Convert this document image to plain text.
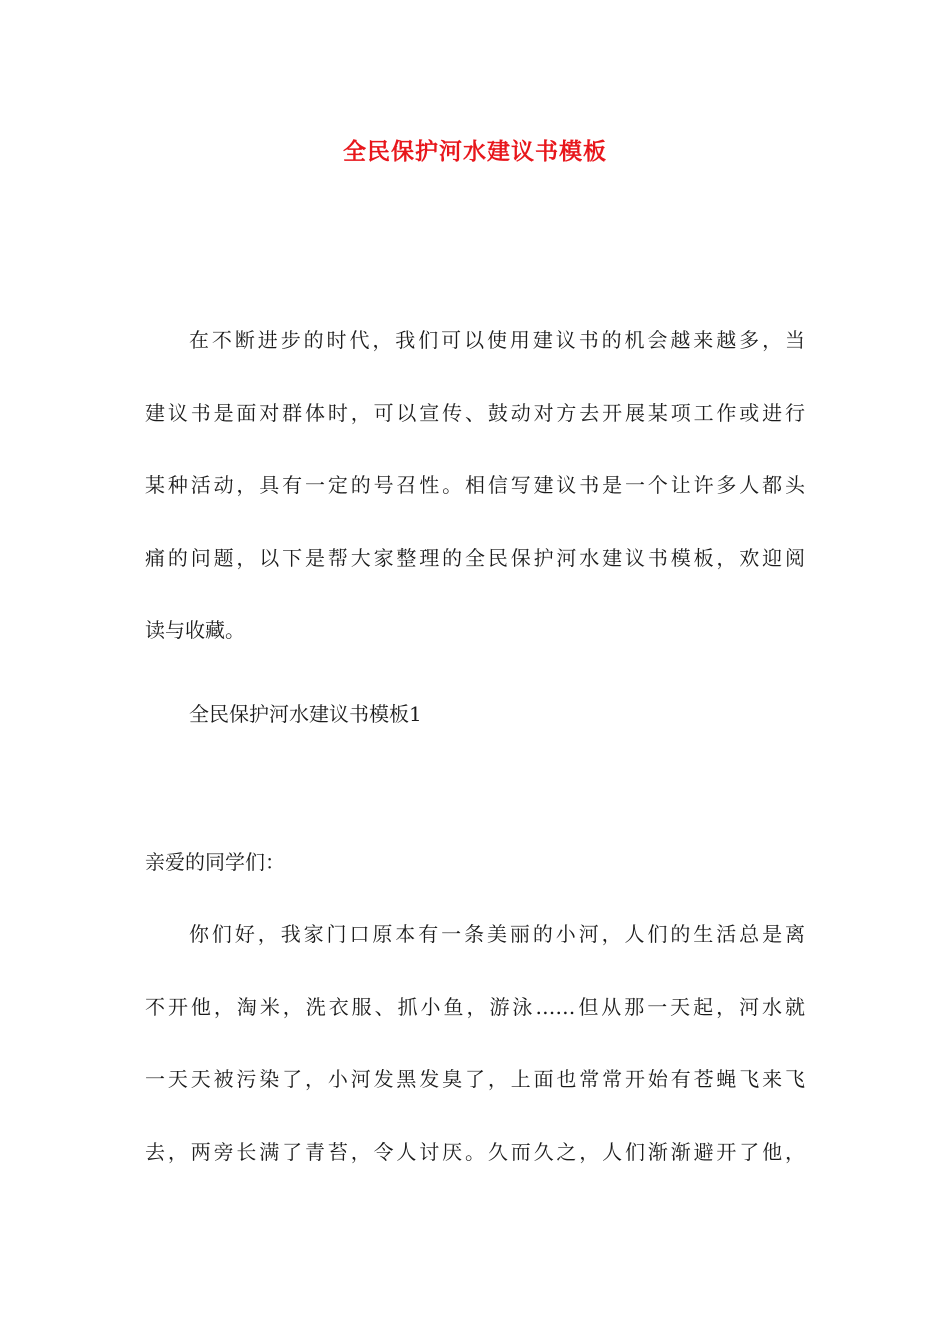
全民保护河水建议书模板
在不断进步的时代，我们可以使用建议书的机会越来越多，当
建议书是面对群体时，可以宣传、鼓动对方去开展某项工作或进行
某种活动，具有一定的号召性。相信写建议书是一个让许多人都头
痛的问题，以下是帮大家整理的全民保护河水建议书模板，欢迎阅
读与收藏。
全民保护河水建议书模板1
亲爱的同学们：
你们好，我家门口原本有一条美丽的小河，人们的生活总是离
不开他，淘米，洗衣服、抓小鱼，游泳……但从那一天起，河水就
一天天被污染了，小河发黑发臭了，上面也常常开始有苍蝇飞来飞
去，两旁长满了青苔，令人讨厌。久而久之，人们渐渐避开了他，
